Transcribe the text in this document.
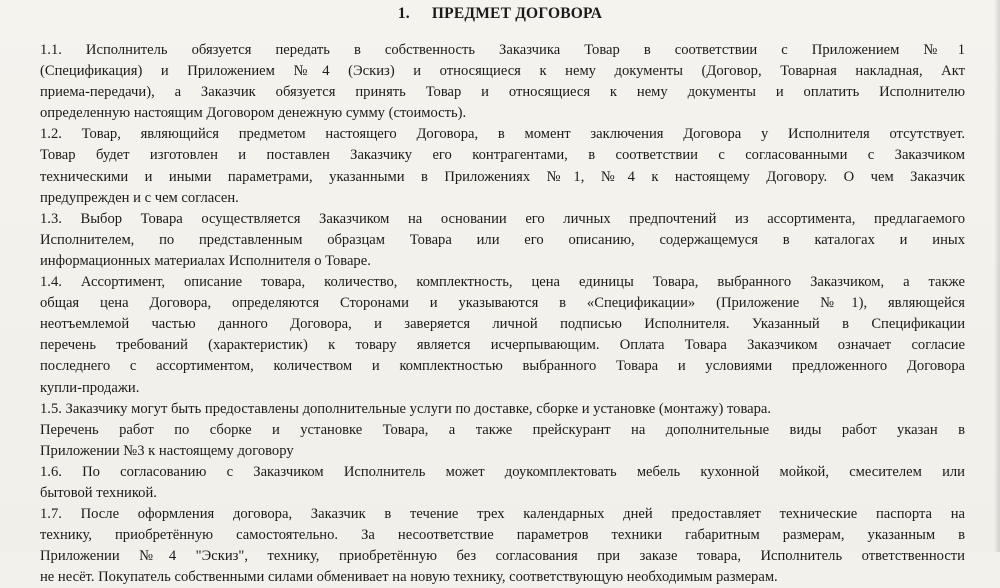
1. ПРЕДМЕТ ДОГОВОРА

1.1. Исполнитель обязуется передать в собственность Заказчика Товар в соответствии с Приложением №1
(Спецификация) и Приложением №4 (Эскиз) и относящиеся к нему документы (Договор, Товарная накладная, Акт
приема-передачи), а Заказчик обязуется принять Товар и относящиеся к нему документы и оплатить Исполнителю
определенную настоящим Договором денежную сумму (стоимость).

1.2. Товар, являющийся предметом настоящего Договора, в момент заключения Договора у Исполнителя отсутствует.
Товар будет изготовлен и поставлен Заказчику его контрагентами, в соответствии с согласованными с Заказчиком
техническими и иными параметрами, указанными в Приложениях №1, №4 к настоящему Договору. О чем Заказчик
предупрежден и с чем согласен.

1.3. Выбор Товара осуществляется Заказчиком на основании его личных предпочтений из ассортимента, предлагаемого
Исполнителем, по представленным образцам Товара или его описанию, содержащемуся в каталогах и иных
информационных материалах Исполнителя о Товаре.

1.4. Ассортимент, описание товара, количество, комплектность, цена единицы Товара, выбранного Заказчиком, а также
общая цена Договора, определяются Сторонами и указываются в «Спецификации» (Приложение №1), являющейся
неотъемлемой частью данного Договора, и заверяется личной подписью Исполнителя. Указанный в Спецификации
перечень требований (характеристик) к товару является исчерпывающим. Оплата Товара Заказчиком означает согласие
последнего с ассортиментом, количеством и комплектностью выбранного Товара и условиями предложенного Договора
купли-продажи.

1.5. Заказчику могут быть предоставлены дополнительные услуги по доставке, сборке и установке (монтажу) товара.
Перечень работ по сборке и установке Товара, а также прейскурант на дополнительные виды работ указан в
Приложении №3 к настоящему договору

1.6. По согласованию с Заказчиком Исполнитель может доукомплектовать мебель кухонной мойкой, смесителем или
бытовой техникой.

1.7. После оформления договора, Заказчик в течение трех календарных дней предоставляет технические паспорта на
технику, приобретённую самостоятельно. За несоответствие параметров техники габаритным размерам, указанным в
Приложении №4 "Эскиз", технику, приобретённую без согласования при заказе товара, Исполнитель ответственности
не несёт. Покупатель собственными силами обменивает на новую технику, соответствующую необходимым размерам.
